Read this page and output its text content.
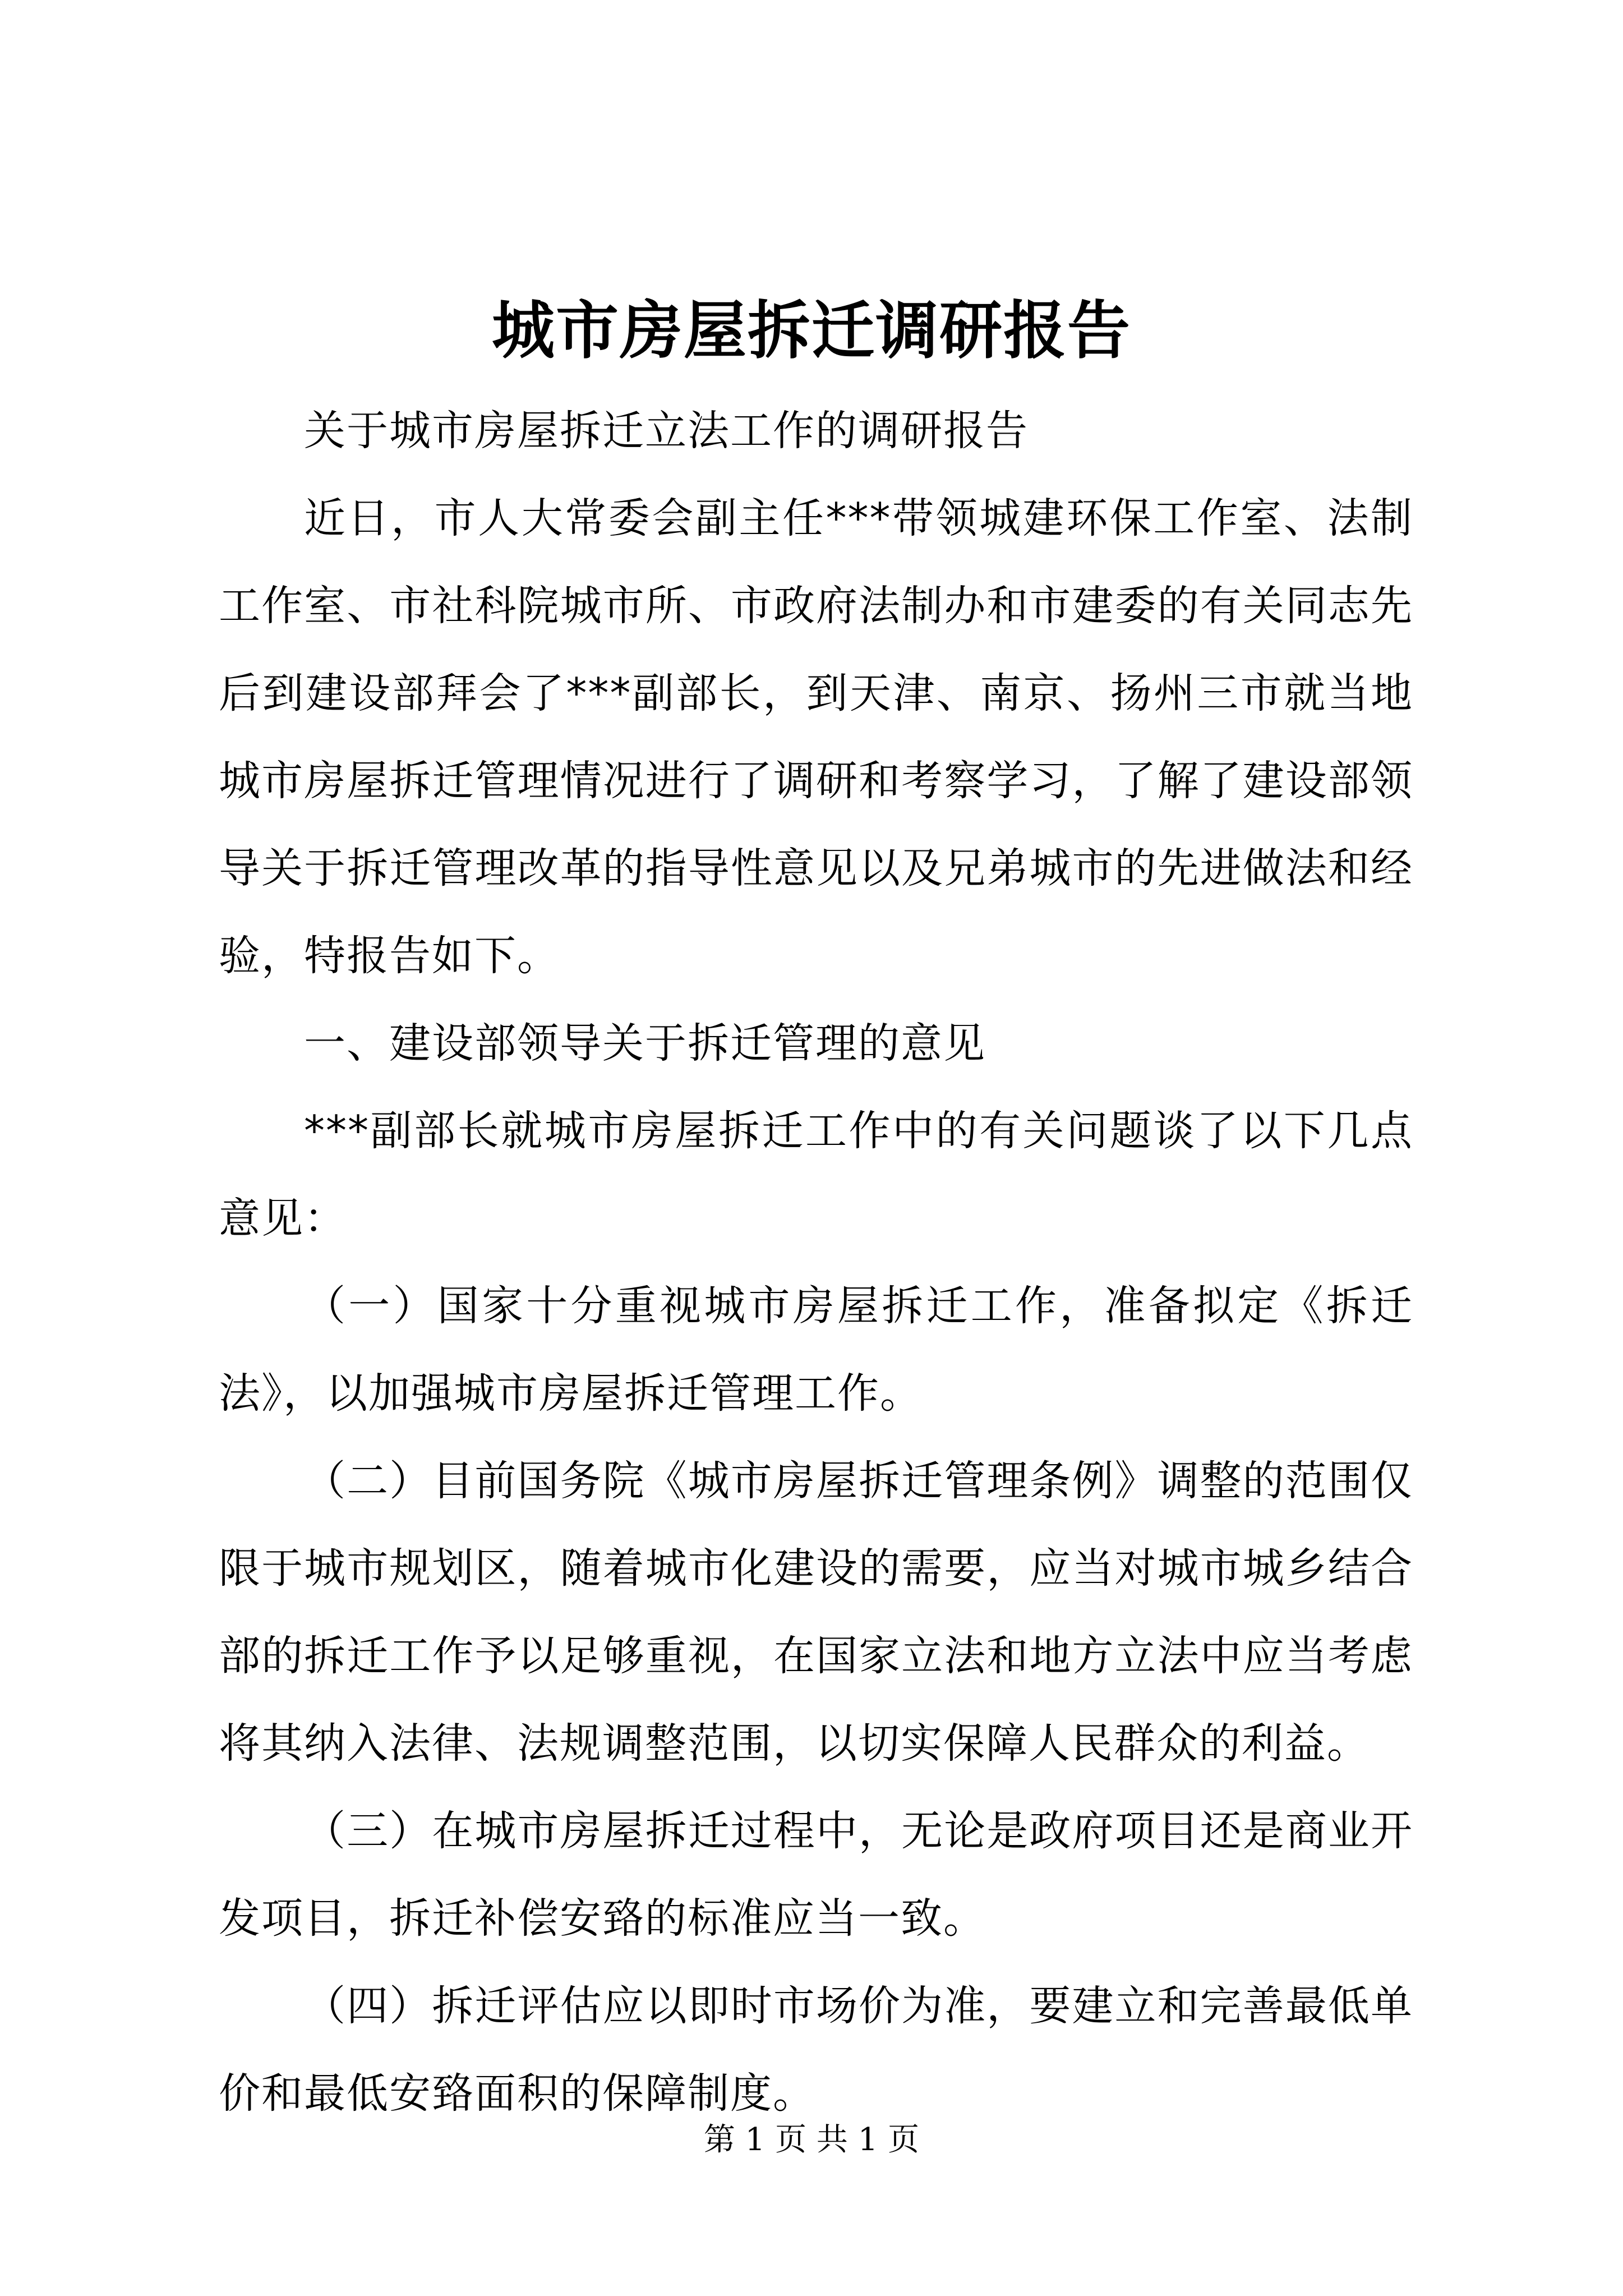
城市房屋拆迁调研报告

关于城市房屋拆迁立法工作的调研报告

近日，市人大常委会副主任***带领城建环保工作室、法制工作室、市社科院城市所、市政府法制办和市建委的有关同志先后到建设部拜会了***副部长，到天津、南京、扬州三市就当地城市房屋拆迁管理情况进行了调研和考察学习，了解了建设部领导关于拆迁管理改革的指导性意见以及兄弟城市的先进做法和经验，特报告如下。

一、建设部领导关于拆迁管理的意见

***副部长就城市房屋拆迁工作中的有关问题谈了以下几点意见：

（一）国家十分重视城市房屋拆迁工作，准备拟定《拆迁法》，以加强城市房屋拆迁管理工作。

（二）目前国务院《城市房屋拆迁管理条例》调整的范围仅限于城市规划区，随着城市化建设的需要，应当对城市城乡结合部的拆迁工作予以足够重视，在国家立法和地方立法中应当考虑将其纳入法律、法规调整范围，以切实保障人民群众的利益。

（三）在城市房屋拆迁过程中，无论是政府项目还是商业开发项目，拆迁补偿安臵的标准应当一致。

（四）拆迁评估应以即时市场价为准，要建立和完善最低单价和最低安臵面积的保障制度。

第 1 页 共 1 页
